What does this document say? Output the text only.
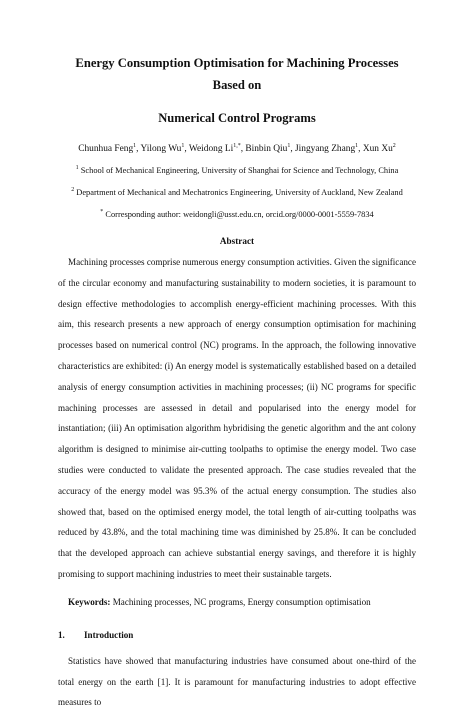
Energy Consumption Optimisation for Machining Processes Based on
Numerical Control Programs
Chunhua Feng$^1$, Yilong Wu$^1$, Weidong $Li^{1,*}$, Binbin Qiu$^1$, Jingyang Zhang$^1$, Xun Xu$^2$
$^1$ School of Mechanical Engineering, University of Shanghai for Science and Technology, China
$^2$ Department of Mechanical and Mechatronics Engineering, University of Auckland, New Zealand
* Corresponding author: weidongli@usst.edu.cn, orcid.org/0000-0001-5559-7834
Abstract

Machining processes comprise numerous energy consumption activities. Given the significance of the circular economy and manufacturing sustainability to modern societies, it is paramount to design effective methodologies to accomplish energy-efficient machining processes. With this aim, this research presents a new approach of energy consumption optimisation for machining processes based on numerical control (NC) programs. In the approach, the following innovative characteristics are exhibited: (i) An energy model is systematically established based on a detailed analysis of energy consumption activities in machining processes; (ii) NC programs for specific machining processes are assessed in detail and popularised into the energy model for instantiation; (iii) An optimisation algorithm hybridising the genetic algorithm and the ant colony algorithm is designed to minimise air-cutting toolpaths to optimise the energy model. Two case studies were conducted to validate the presented approach. The case studies revealed that the accuracy of the energy model was 95.3% of the actual energy consumption. The studies also showed that, based on the optimised energy model, the total length of air-cutting toolpaths was reduced by 43.8%, and the total machining time was diminished by 25.8%. It can be concluded that the developed approach can achieve substantial energy savings, and therefore it is highly promising to support machining industries to meet their sustainable targets.

Keywords: Machining processes, NC programs, Energy consumption optimisation
1. Introduction

Statistics have showed that manufacturing industries have consumed about one-third of the total energy on the earth [1]. It is paramount for manufacturing industries to adopt effective measures to
